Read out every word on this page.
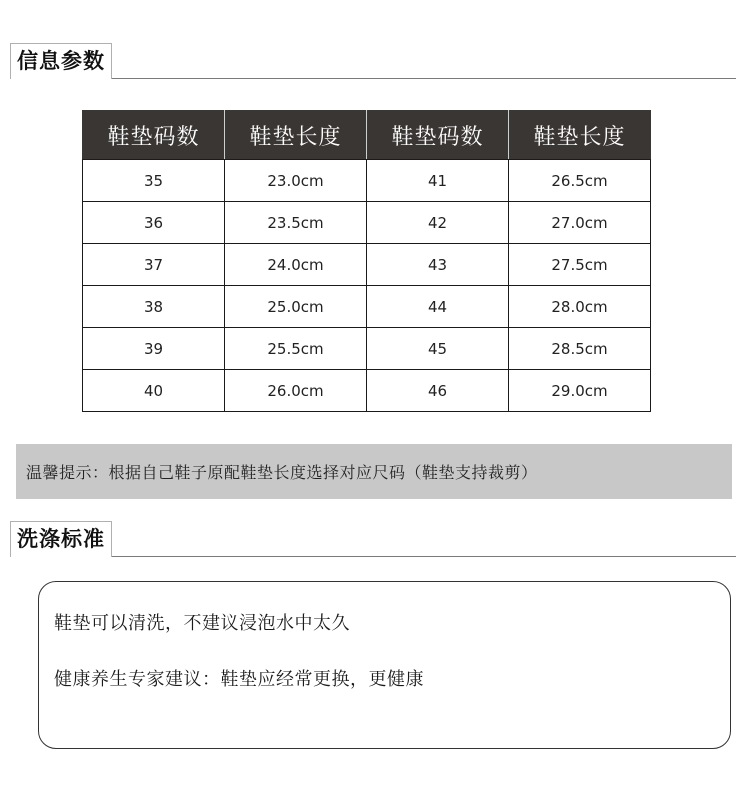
信息参数
鞋垫码数	鞋垫长度	鞋垫码数	鞋垫长度
35	23.0cm	41	26.5cm
36	23.5cm	42	27.0cm
37	24.0cm	43	27.5cm
38	25.0cm	44	28.0cm
39	25.5cm	45	28.5cm
40	26.0cm	46	29.0cm
温馨提示：根据自己鞋子原配鞋垫长度选择对应尺码（鞋垫支持裁剪）
洗涤标准
鞋垫可以清洗，不建议浸泡水中太久
健康养生专家建议：鞋垫应经常更换，更健康
